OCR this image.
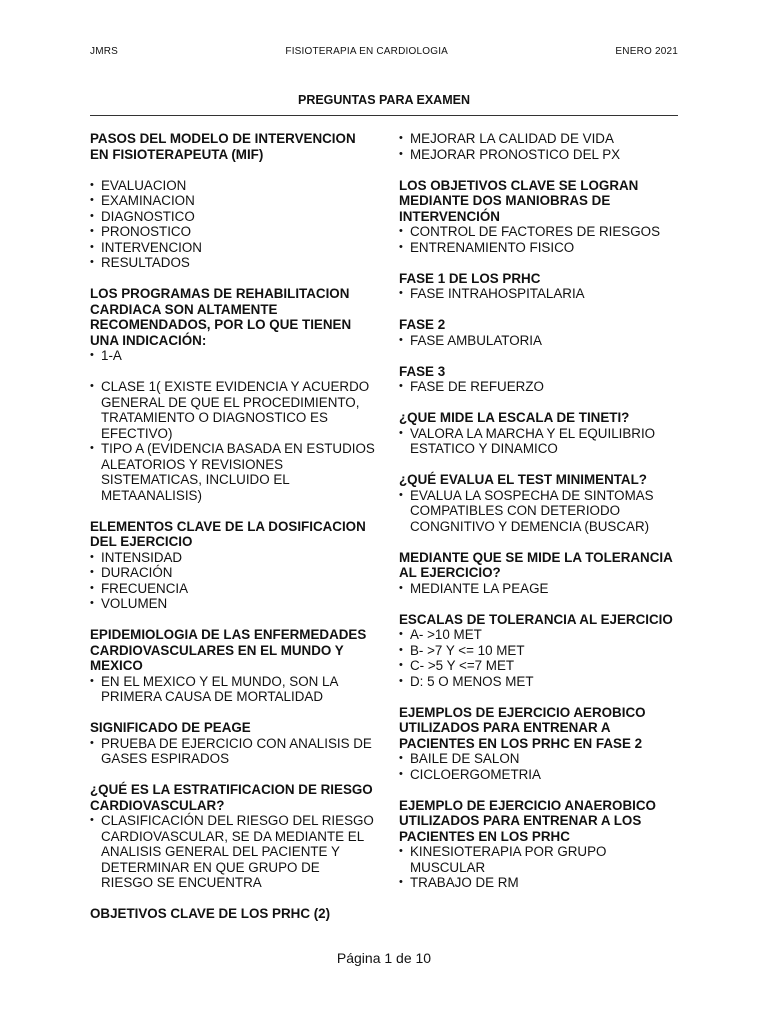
JMRS	FISIOTERAPIA EN CARDIOLOGIA	ENERO 2021
PREGUNTAS PARA EXAMEN
PASOS DEL MODELO DE INTERVENCION EN FISIOTERAPEUTA (MIF)
• EVALUACION
• EXAMINACION
• DIAGNOSTICO
• PRONOSTICO
• INTERVENCION
• RESULTADOS
LOS PROGRAMAS DE REHABILITACION CARDIACA SON ALTAMENTE RECOMENDADOS, POR LO QUE TIENEN UNA INDICACIÓN:
• 1-A
• CLASE 1( EXISTE EVIDENCIA Y ACUERDO GENERAL DE QUE EL PROCEDIMIENTO, TRATAMIENTO O DIAGNOSTICO ES EFECTIVO)
• TIPO A (EVIDENCIA BASADA EN ESTUDIOS ALEATORIOS Y REVISIONES SISTEMATICAS, INCLUIDO EL METAANALISIS)
ELEMENTOS CLAVE DE LA DOSIFICACION DEL EJERCICIO
• INTENSIDAD
• DURACIÓN
• FRECUENCIA
• VOLUMEN
EPIDEMIOLOGIA DE LAS ENFERMEDADES CARDIOVASCULARES EN EL MUNDO Y MEXICO
• EN EL MEXICO Y EL MUNDO, SON LA PRIMERA CAUSA DE MORTALIDAD
SIGNIFICADO DE PEAGE
• PRUEBA DE EJERCICIO CON ANALISIS DE GASES ESPIRADOS
¿QUÉ ES LA ESTRATIFICACION DE RIESGO CARDIOVASCULAR?
• CLASIFICACIÓN DEL RIESGO DEL RIESGO CARDIOVASCULAR, SE DA MEDIANTE EL ANALISIS GENERAL DEL PACIENTE Y DETERMINAR EN QUE GRUPO DE RIESGO SE ENCUENTRA
OBJETIVOS CLAVE DE LOS PRHC (2)
• MEJORAR LA CALIDAD DE VIDA
• MEJORAR PRONOSTICO DEL PX
LOS OBJETIVOS CLAVE SE LOGRAN MEDIANTE DOS MANIOBRAS DE INTERVENCIÓN
• CONTROL DE FACTORES DE RIESGOS
• ENTRENAMIENTO FISICO
FASE 1 DE LOS PRHC
• FASE INTRAHOSPITALARIA
FASE 2
• FASE AMBULATORIA
FASE 3
• FASE DE REFUERZO
¿QUE MIDE LA ESCALA DE TINETI?
• VALORA LA MARCHA Y EL EQUILIBRIO ESTATICO Y DINAMICO
¿QUÉ EVALUA EL TEST MINIMENTAL?
• EVALUA LA SOSPECHA DE SINTOMAS COMPATIBLES CON DETERIODO CONGNITIVO Y DEMENCIA (BUSCAR)
MEDIANTE QUE SE MIDE LA TOLERANCIA AL EJERCICIO?
• MEDIANTE LA PEAGE
ESCALAS DE TOLERANCIA AL EJERCICIO
• A- >10 MET
• B- >7 Y <= 10 MET
• C- >5 Y <=7 MET
• D: 5 O MENOS MET
EJEMPLOS DE EJERCICIO AEROBICO UTILIZADOS PARA ENTRENAR A PACIENTES EN LOS PRHC EN FASE 2
• BAILE DE SALON
• CICLOERGOMETRIA
EJEMPLO DE EJERCICIO ANAEROBICO UTILIZADOS PARA ENTRENAR A LOS PACIENTES EN LOS PRHC
• KINESIOTERAPIA POR GRUPO MUSCULAR
• TRABAJO DE RM
Página 1 de 10
